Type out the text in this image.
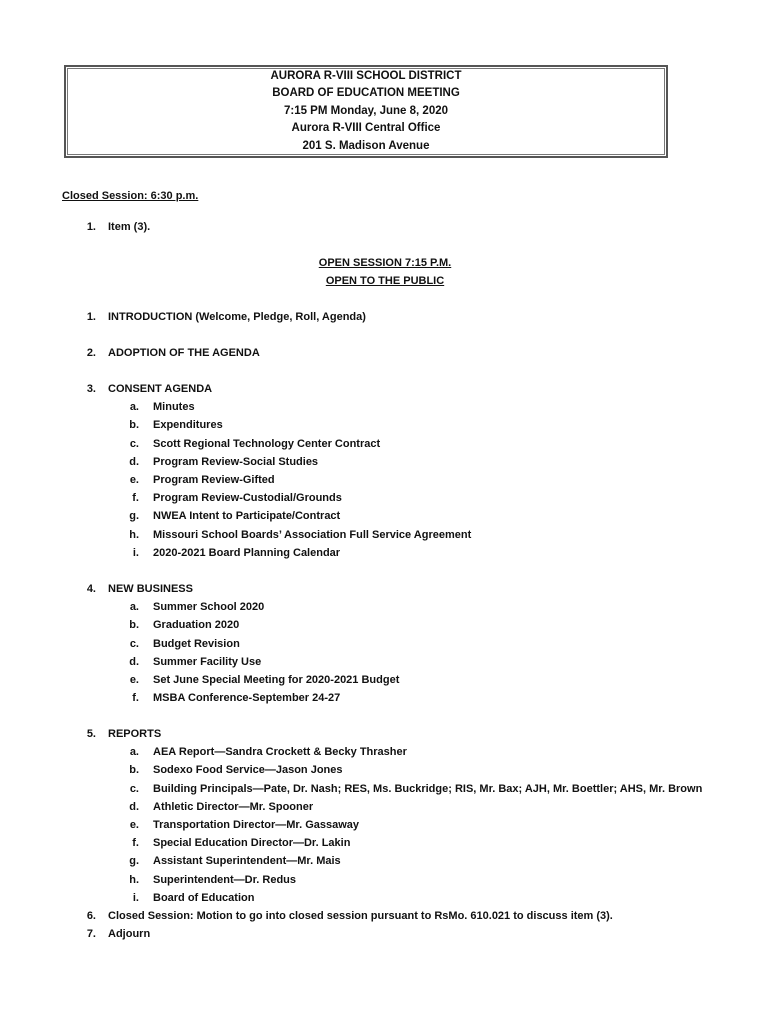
AURORA R-VIII SCHOOL DISTRICT
BOARD OF EDUCATION MEETING
7:15 PM Monday, June 8, 2020
Aurora R-VIII Central Office
201 S. Madison Avenue
Closed Session: 6:30 p.m.
1. Item (3).
OPEN SESSION 7:15 P.M.
OPEN TO THE PUBLIC
1. INTRODUCTION (Welcome, Pledge, Roll, Agenda)
2. ADOPTION OF THE AGENDA
3. CONSENT AGENDA
a. Minutes
b. Expenditures
c. Scott Regional Technology Center Contract
d. Program Review-Social Studies
e. Program Review-Gifted
f. Program Review-Custodial/Grounds
g. NWEA Intent to Participate/Contract
h. Missouri School Boards’ Association Full Service Agreement
i. 2020-2021 Board Planning Calendar
4. NEW BUSINESS
a. Summer School 2020
b. Graduation 2020
c. Budget Revision
d. Summer Facility Use
e. Set June Special Meeting for 2020-2021 Budget
f. MSBA Conference-September 24-27
5. REPORTS
a. AEA Report—Sandra Crockett & Becky Thrasher
b. Sodexo Food Service—Jason Jones
c. Building Principals—Pate, Dr. Nash; RES, Ms. Buckridge; RIS, Mr. Bax; AJH, Mr. Boettler; AHS, Mr. Brown
d. Athletic Director—Mr. Spooner
e. Transportation Director—Mr. Gassaway
f. Special Education Director—Dr. Lakin
g. Assistant Superintendent—Mr. Mais
h. Superintendent—Dr. Redus
i. Board of Education
6. Closed Session: Motion to go into closed session pursuant to RsMo. 610.021 to discuss item (3).
7. Adjourn
